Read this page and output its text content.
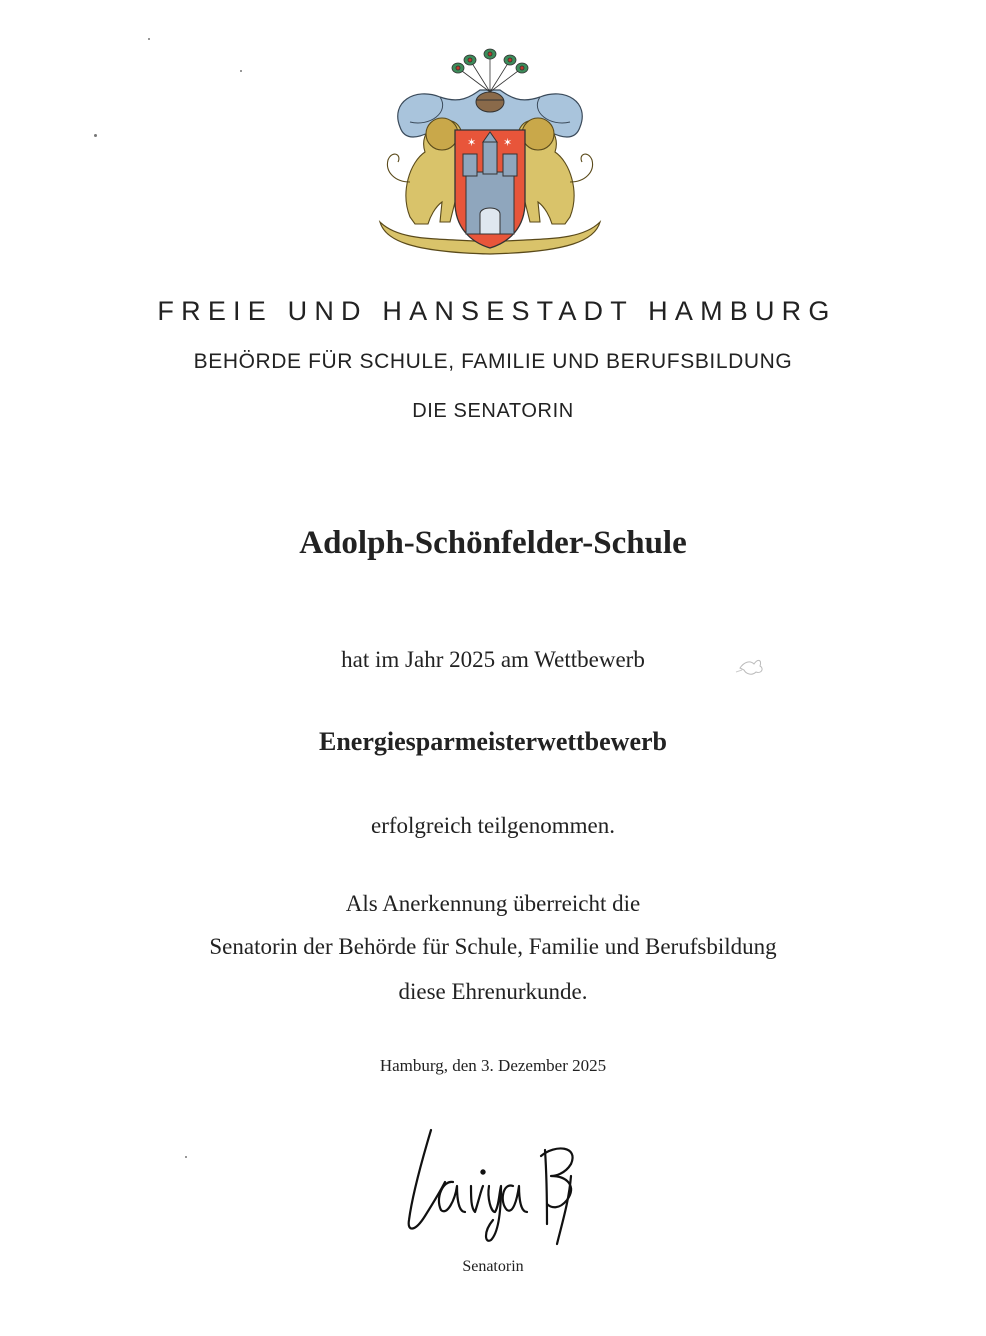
✶ ✶
FREIE UND HANSESTADT HAMBURG
BEHÖRDE FÜR SCHULE, FAMILIE UND BERUFSBILDUNG
DIE SENATORIN
Adolph-Schönfelder-Schule
hat im Jahr 2025 am Wettbewerb
Energiesparmeisterwettbewerb
erfolgreich teilgenommen.
Als Anerkennung überreicht die
Senatorin der Behörde für Schule, Familie und Berufsbildung
diese Ehrenurkunde.
Hamburg, den 3. Dezember 2025
Senatorin
